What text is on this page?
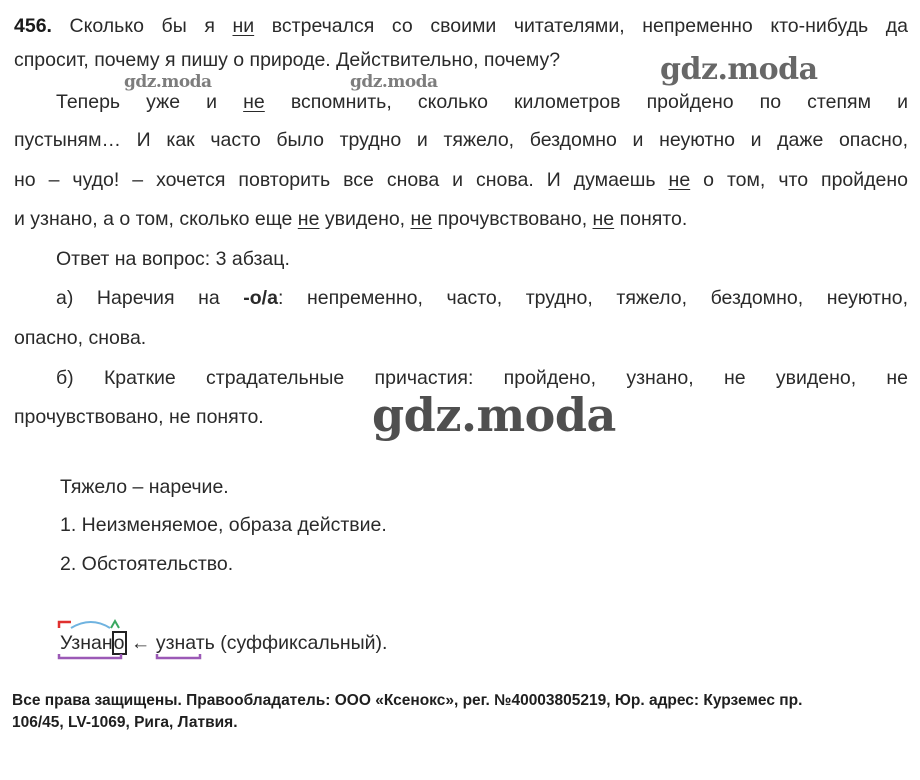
456. Сколько бы я ни встречался со своими читателями, непременно кто-нибудь да
спросит, почему я пишу о природе. Действительно, почему?
Теперь уже и не вспомнить, сколько километров пройдено по степям и
пустыням… И как часто было трудно и тяжело, бездомно и неуютно и даже опасно,
но – чудо! – хочется повторить все снова и снова. И думаешь не о том, что пройдено
и узнано, а о том, сколько еще не увидено, не прочувствовано, не понято.
Ответ на вопрос: 3 абзац.
а) Наречия на -о/а: непременно, часто, трудно, тяжело, бездомно, неуютно,
опасно, снова.
б) Краткие страдательные причастия: пройдено, узнано, не увидено, не
прочувствовано, не понято.
Тяжело – наречие.
1. Неизменяемое, образа действие.
2. Обстоятельство.
Узнано
← узнать
(суффиксальный).
gdz.moda	gdz.moda	gdz.moda
gdz.moda
Все права защищены. Правообладатель: ООО «Ксенокс», рег. №40003805219, Юр. адрес: Курземес пр.
106/45, LV-1069, Рига, Латвия.
